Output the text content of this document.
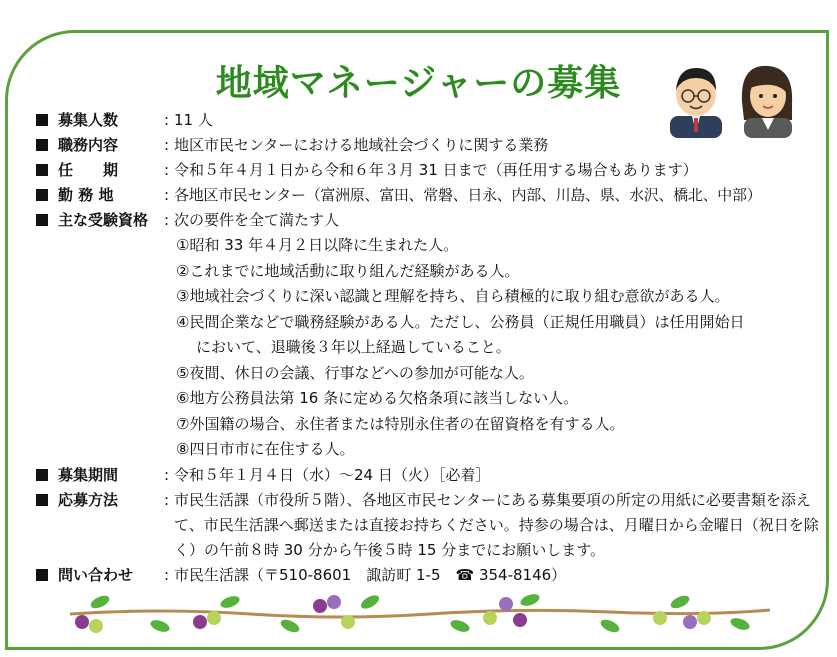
地域マネージャーの募集
募集人数	: 11 人
職務内容	: 地区市民センターにおける地域社会づくりに関する業務
任　　期	: 令和５年４月１日から令和６年３月 31 日まで（再任用する場合もあります）
勤 務 地	: 各地区市民センター（富洲原、富田、常磐、日永、内部、川島、県、水沢、橋北、中部）
主な受験資格	: 次の要件を全て満たす人
①昭和 33 年４月２日以降に生まれた人。
②これまでに地域活動に取り組んだ経験がある人。
③地域社会づくりに深い認識と理解を持ち、自ら積極的に取り組む意欲がある人。
④民間企業などで職務経験がある人。ただし、公務員（正規任用職員）は任用開始日
において、退職後３年以上経過していること。
⑤夜間、休日の会議、行事などへの参加が可能な人。
⑥地方公務員法第 16 条に定める欠格条項に該当しない人。
⑦外国籍の場合、永住者または特別永住者の在留資格を有する人。
⑧四日市市に在住する人。
募集期間	: 令和５年１月４日（水）～24 日（火）［必着］
応募方法	: 市民生活課（市役所５階）、各地区市民センターにある募集要項の所定の用紙に必要書類を添えて、市民生活課へ郵送または直接お持ちください。持参の場合は、月曜日から金曜日（祝日を除く）の午前８時 30 分から午後５時 15 分までにお願いします。
問い合わせ	: 市民生活課（〒510-8601　諏訪町 1-5　☎ 354-8146）
